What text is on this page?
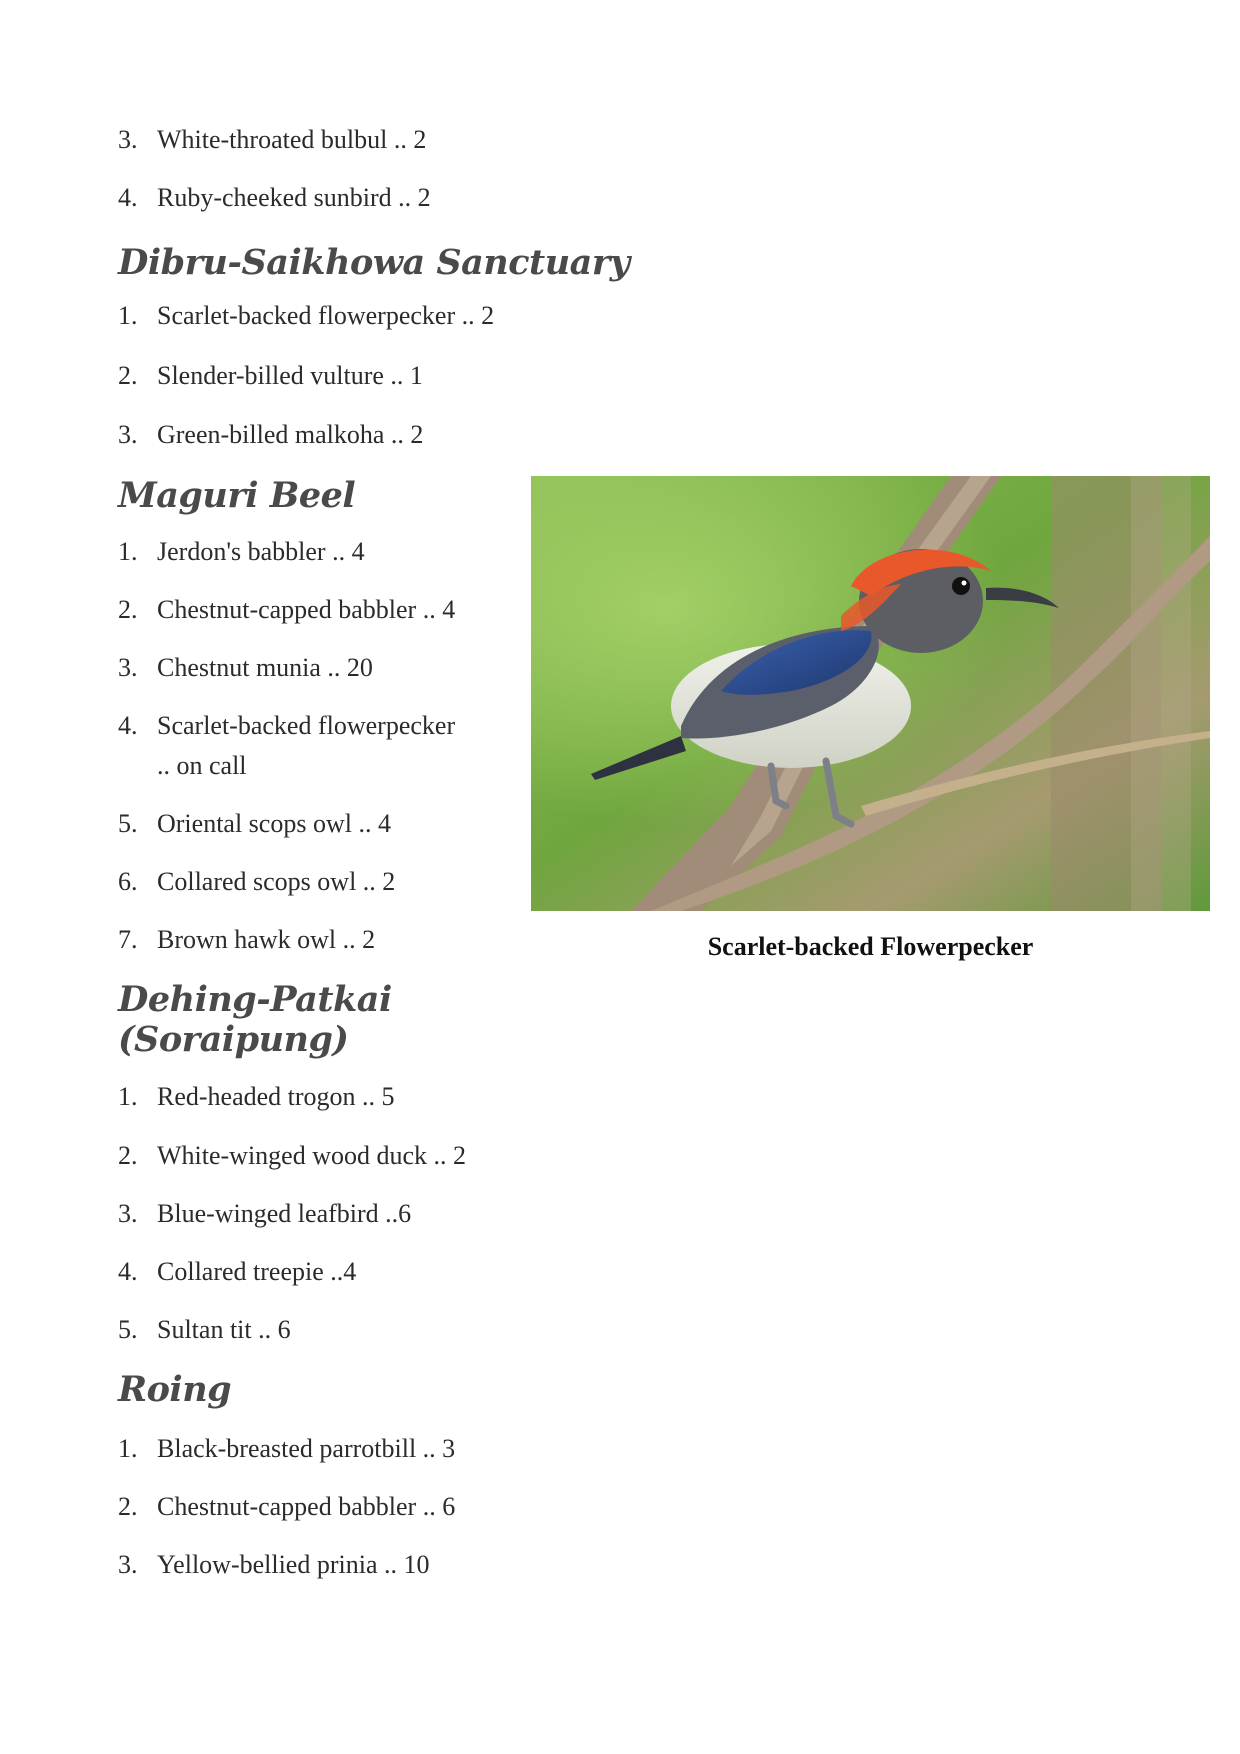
3. White-throated bulbul .. 2
4. Ruby-cheeked sunbird .. 2
Dibru-Saikhowa Sanctuary
1. Scarlet-backed flowerpecker .. 2
2. Slender-billed vulture .. 1
3. Green-billed malkoha .. 2
Maguri Beel
1. Jerdon's babbler .. 4
2. Chestnut-capped babbler .. 4
3. Chestnut munia .. 20
4. Scarlet-backed flowerpecker .. on call
5. Oriental scops owl .. 4
6. Collared scops owl .. 2
7. Brown hawk owl .. 2
Dehing-Patkai (Soraipung)
1. Red-headed trogon .. 5
2. White-winged wood duck .. 2
3. Blue-winged leafbird ..6
4. Collared treepie ..4
5. Sultan tit .. 6
Roing
1. Black-breasted parrotbill .. 3
2. Chestnut-capped babbler .. 6
3. Yellow-bellied prinia .. 10
Scarlet-backed Flowerpecker
